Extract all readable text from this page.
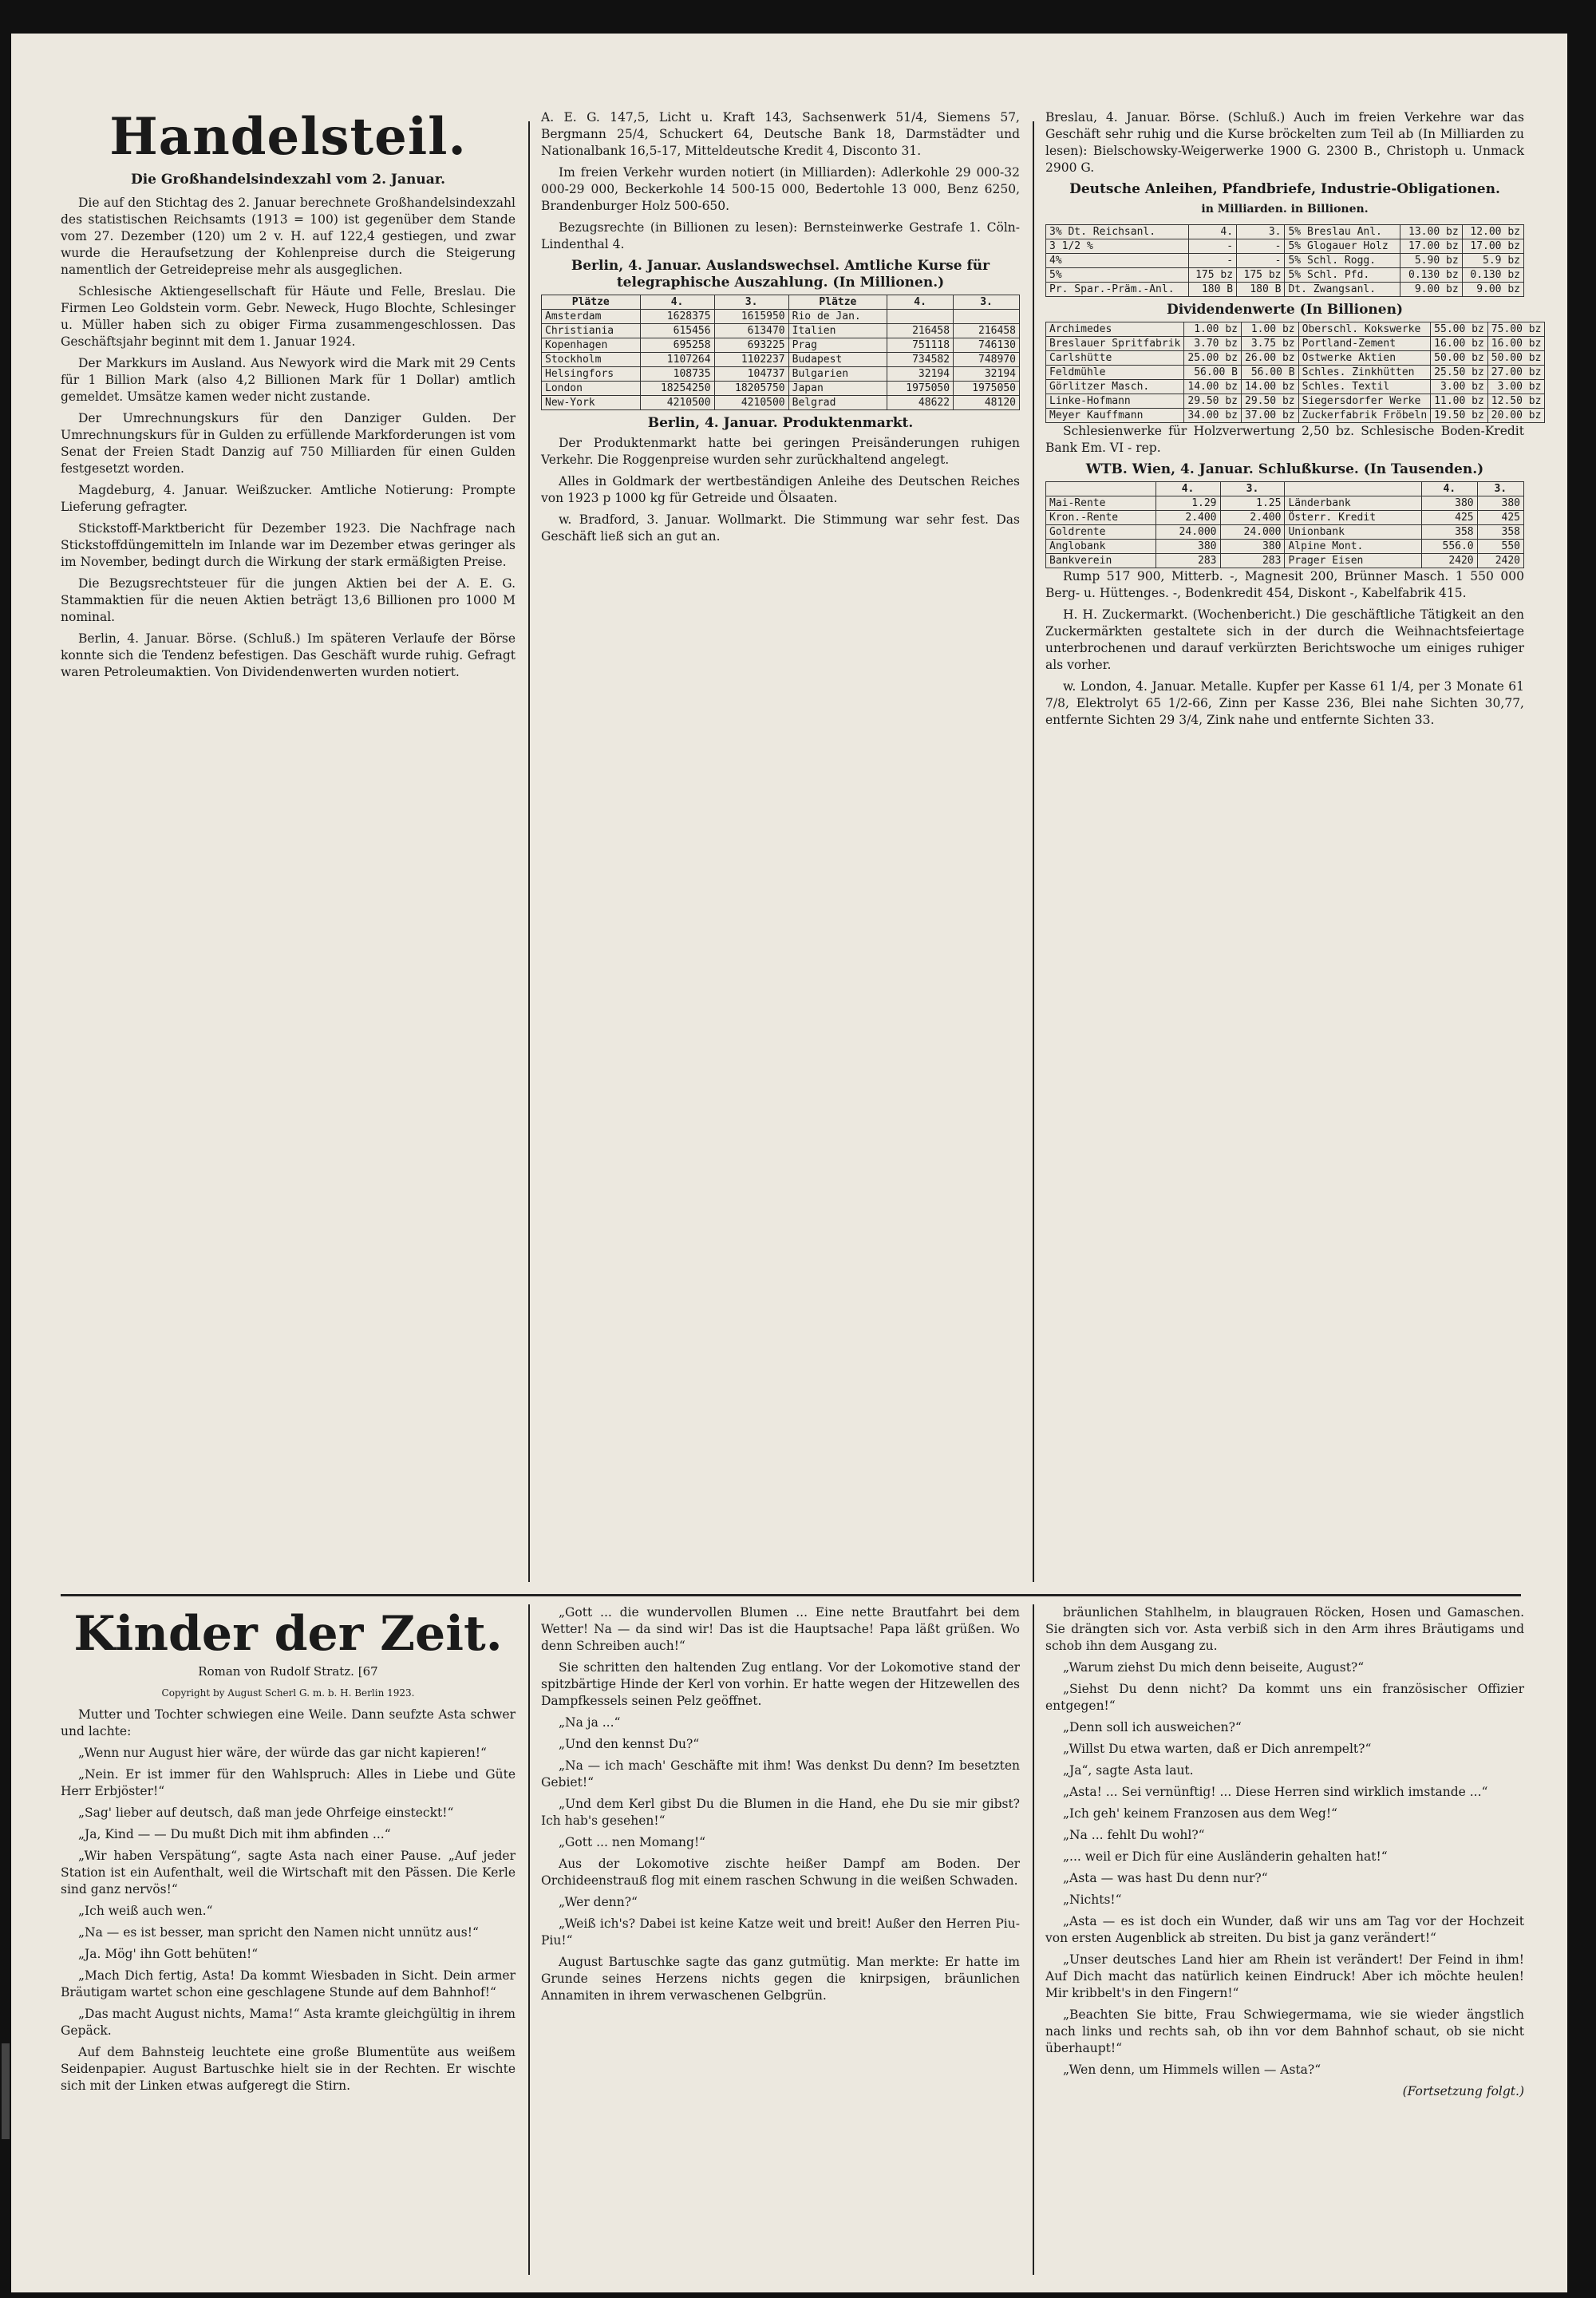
Handelsteil.
Die Großhandelsindexzahl vom 2. Januar.

Die auf den Stichtag des 2. Januar berechnete Großhandelsindexzahl des statistischen Reichsamts (1913 = 100) ist gegenüber dem Stande vom 27. Dezember (120) um 2 v. H. auf 122,4 gestiegen, und zwar wurde die Heraufsetzung der Kohlenpreise durch die Steigerung namentlich der Getreidepreise mehr als ausgeglichen.

Schlesische Aktiengesellschaft für Häute und Felle, Breslau. Die Firmen Leo Goldstein vorm. Gebr. Neweck, Hugo Blochte, Schlesinger u. Müller haben sich zu obiger Firma zusammengeschlossen. Das Geschäftsjahr beginnt mit dem 1. Januar 1924.

Der Markkurs im Ausland. Aus Newyork wird die Mark mit 29 Cents für 1 Billion Mark (also 4,2 Billionen Mark für 1 Dollar) amtlich gemeldet. Umsätze kamen weder nicht zustande.

Der Umrechnungskurs für den Danziger Gulden. Der Umrechnungskurs für in Gulden zu erfüllende Markforderungen ist vom Senat der Freien Stadt Danzig auf 750 Milliarden für einen Gulden festgesetzt worden.

Magdeburg, 4. Januar. Weißzucker. Amtliche Notierung: Prompte Lieferung gefragter.

Stickstoff-Marktbericht für Dezember 1923. Die Nachfrage nach Stickstoffdüngemitteln im Inlande war im Dezember etwas geringer als im November, bedingt durch die Wirkung der stark ermäßigten Preise.

Die Bezugsrechtsteuer für die jungen Aktien bei der A. E. G. Stammaktien für die neuen Aktien beträgt 13,6 Billionen pro 1000 M nominal.

Berlin, 4. Januar. Börse. (Schluß.) Im späteren Verlaufe der Börse konnte sich die Tendenz befestigen. Das Geschäft wurde ruhig. Gefragt waren Petroleumaktien. Von Dividendenwerten wurden notiert.

A. E. G. 147,5, Licht u. Kraft 143, Sachsenwerk 51/4, Siemens 57, Bergmann 25/4, Schuckert 64, Deutsche Bank 18, Darmstädter und Nationalbank 16,5-17, Mitteldeutsche Kredit 4, Disconto 31.

Im freien Verkehr wurden notiert (in Milliarden): Adlerkohle 29 000-32 000-29 000, Beckerkohle 14 500-15 000, Bedertohle 13 000, Benz 6250, Brandenburger Holz 500-650.

Bezugsrechte (in Billionen zu lesen): Bernsteinwerke Gestrafe 1. Cöln-Lindenthal 4.

Berlin, 4. Januar. Auslandswechsel. Amtliche Kurse für telegraphische Auszahlung. (In Millionen.)
Plätze	4.	3.	Plätze	4.	3.
Amsterdam	1628375	1615950	Rio de Jan.		
Christiania	615456	613470	Italien	216458	216458
Kopenhagen	695258	693225	Prag	751118	746130
Stockholm	1107264	1102237	Budapest	734582	748970
Helsingfors	108735	104737	Bulgarien	32194	32194
London	18254250	18205750	Japan	1975050	1975050
New-York	4210500	4210500	Belgrad	48622	48120
Berlin, 4. Januar. Produktenmarkt.

Der Produktenmarkt hatte bei geringen Preisänderungen ruhigen Verkehr. Die Roggenpreise wurden sehr zurückhaltend angelegt.

Alles in Goldmark der wertbeständigen Anleihe des Deutschen Reiches von 1923 p 1000 kg für Getreide und Ölsaaten.

w. Bradford, 3. Januar. Wollmarkt. Die Stimmung war sehr fest. Das Geschäft ließ sich an gut an.

Breslau, 4. Januar. Börse. (Schluß.) Auch im freien Verkehre war das Geschäft sehr ruhig und die Kurse bröckelten zum Teil ab (In Milliarden zu lesen): Bielschowsky-Weigerwerke 1900 G. 2300 B., Christoph u. Unmack 2900 G.

Deutsche Anleihen, Pfandbriefe, Industrie-Obligationen.
in Milliarden. in Billionen.
3% Dt. Reichsanl.	4.	3.	5% Breslau Anl.	13.00 bz	12.00 bz
3 1/2 %	-	-	5% Glogauer Holz	17.00 bz	17.00 bz
4%	-	-	5% Schl. Rogg.	5.90 bz	5.9 bz
5%	175 bz	175 bz	5% Schl. Pfd.	0.130 bz	0.130 bz
Pr. Spar.-Präm.-Anl.	180 B	180 B	Dt. Zwangsanl.	9.00 bz	9.00 bz
Dividendenwerte (In Billionen)
Archimedes	1.00 bz	1.00 bz	Oberschl. Kokswerke	55.00 bz	75.00 bz
Breslauer Spritfabrik	3.70 bz	3.75 bz	Portland-Zement	16.00 bz	16.00 bz
Carlshütte	25.00 bz	26.00 bz	Ostwerke Aktien	50.00 bz	50.00 bz
Feldmühle	56.00 B	56.00 B	Schles. Zinkhütten	25.50 bz	27.00 bz
Görlitzer Masch.	14.00 bz	14.00 bz	Schles. Textil	3.00 bz	3.00 bz
Linke-Hofmann	29.50 bz	29.50 bz	Siegersdorfer Werke	11.00 bz	12.50 bz
Meyer Kauffmann	34.00 bz	37.00 bz	Zuckerfabrik Fröbeln	19.50 bz	20.00 bz

Schlesienwerke für Holzverwertung 2,50 bz. Schlesische Boden-Kredit Bank Em. VI - rep.

WTB. Wien, 4. Januar. Schlußkurse. (In Tausenden.)
	4.	3.		4.	3.
Mai-Rente	1.29	1.25	Länderbank	380	380
Kron.-Rente	2.400	2.400	Österr. Kredit	425	425
Goldrente	24.000	24.000	Unionbank	358	358
Anglobank	380	380	Alpine Mont.	556.0	550
Bankverein	283	283	Prager Eisen	2420	2420

Rump 517 900, Mitterb. -, Magnesit 200, Brünner Masch. 1 550 000 Berg- u. Hüttenges. -, Bodenkredit 454, Diskont -, Kabelfabrik 415.

H. H. Zuckermarkt. (Wochenbericht.) Die geschäftliche Tätigkeit an den Zuckermärkten gestaltete sich in der durch die Weihnachtsfeiertage unterbrochenen und darauf verkürzten Berichtswoche um einiges ruhiger als vorher.

w. London, 4. Januar. Metalle. Kupfer per Kasse 61 1/4, per 3 Monate 61 7/8, Elektrolyt 65 1/2-66, Zinn per Kasse 236, Blei nahe Sichten 30,77, entfernte Sichten 29 3/4, Zink nahe und entfernte Sichten 33.

Kinder der Zeit.

Roman von Rudolf Stratz. [67

Copyright by August Scherl G. m. b. H. Berlin 1923.

Mutter und Tochter schwiegen eine Weile. Dann seufzte Asta schwer und lachte:

„Wenn nur August hier wäre, der würde das gar nicht kapieren!“

„Nein. Er ist immer für den Wahlspruch: Alles in Liebe und Güte Herr Erbjöster!“

„Sag' lieber auf deutsch, daß man jede Ohrfeige einsteckt!“

„Ja, Kind — — Du mußt Dich mit ihm abfinden ...“

„Wir haben Verspätung“, sagte Asta nach einer Pause. „Auf jeder Station ist ein Aufenthalt, weil die Wirtschaft mit den Pässen. Die Kerle sind ganz nervös!“

„Ich weiß auch wen.“

„Na — es ist besser, man spricht den Namen nicht unnütz aus!“

„Ja. Mög' ihn Gott behüten!“

„Mach Dich fertig, Asta! Da kommt Wiesbaden in Sicht. Dein armer Bräutigam wartet schon eine geschlagene Stunde auf dem Bahnhof!“

„Das macht August nichts, Mama!“ Asta kramte gleichgültig in ihrem Gepäck.

Auf dem Bahnsteig leuchtete eine große Blumentüte aus weißem Seidenpapier. August Bartuschke hielt sie in der Rechten. Er wischte sich mit der Linken etwas aufgeregt die Stirn.

„Gott ... die wundervollen Blumen ... Eine nette Brautfahrt bei dem Wetter! Na — da sind wir! Das ist die Hauptsache! Papa läßt grüßen. Wo denn Schreiben auch!“

Sie schritten den haltenden Zug entlang. Vor der Lokomotive stand der spitzbärtige Hinde der Kerl von vorhin. Er hatte wegen der Hitzewellen des Dampfkessels seinen Pelz geöffnet.

„Na ja ...“

„Und den kennst Du?“

„Na — ich mach' Geschäfte mit ihm! Was denkst Du denn? Im besetzten Gebiet!“

„Und dem Kerl gibst Du die Blumen in die Hand, ehe Du sie mir gibst? Ich hab's gesehen!“

„Gott ... nen Momang!“

Aus der Lokomotive zischte heißer Dampf am Boden. Der Orchideenstrauß flog mit einem raschen Schwung in die weißen Schwaden.

„Wer denn?“

„Weiß ich's? Dabei ist keine Katze weit und breit! Außer den Herren Piu-Piu!“

August Bartuschke sagte das ganz gutmütig. Man merkte: Er hatte im Grunde seines Herzens nichts gegen die knirpsigen, bräunlichen Annamiten in ihrem verwaschenen Gelbgrün.

bräunlichen Stahlhelm, in blaugrauen Röcken, Hosen und Gamaschen. Sie drängten sich vor. Asta verbiß sich in den Arm ihres Bräutigams und schob ihn dem Ausgang zu.

„Warum ziehst Du mich denn beiseite, August?“

„Siehst Du denn nicht? Da kommt uns ein französischer Offizier entgegen!“

„Denn soll ich ausweichen?“

„Willst Du etwa warten, daß er Dich anrempelt?“

„Ja“, sagte Asta laut.

„Asta! ... Sei vernünftig! ... Diese Herren sind wirklich imstande ...“

„Ich geh' keinem Franzosen aus dem Weg!“

„Na ... fehlt Du wohl?“

„... weil er Dich für eine Ausländerin gehalten hat!“

„Asta — was hast Du denn nur?“

„Nichts!“

„Asta — es ist doch ein Wunder, daß wir uns am Tag vor der Hochzeit von ersten Augenblick ab streiten. Du bist ja ganz verändert!“

„Unser deutsches Land hier am Rhein ist verändert! Der Feind in ihm! Auf Dich macht das natürlich keinen Eindruck! Aber ich möchte heulen! Mir kribbelt's in den Fingern!“

„Beachten Sie bitte, Frau Schwiegermama, wie sie wieder ängstlich nach links und rechts sah, ob ihn vor dem Bahnhof schaut, ob sie nicht überhaupt!“

„Wen denn, um Himmels willen — Asta?“

(Fortsetzung folgt.)
